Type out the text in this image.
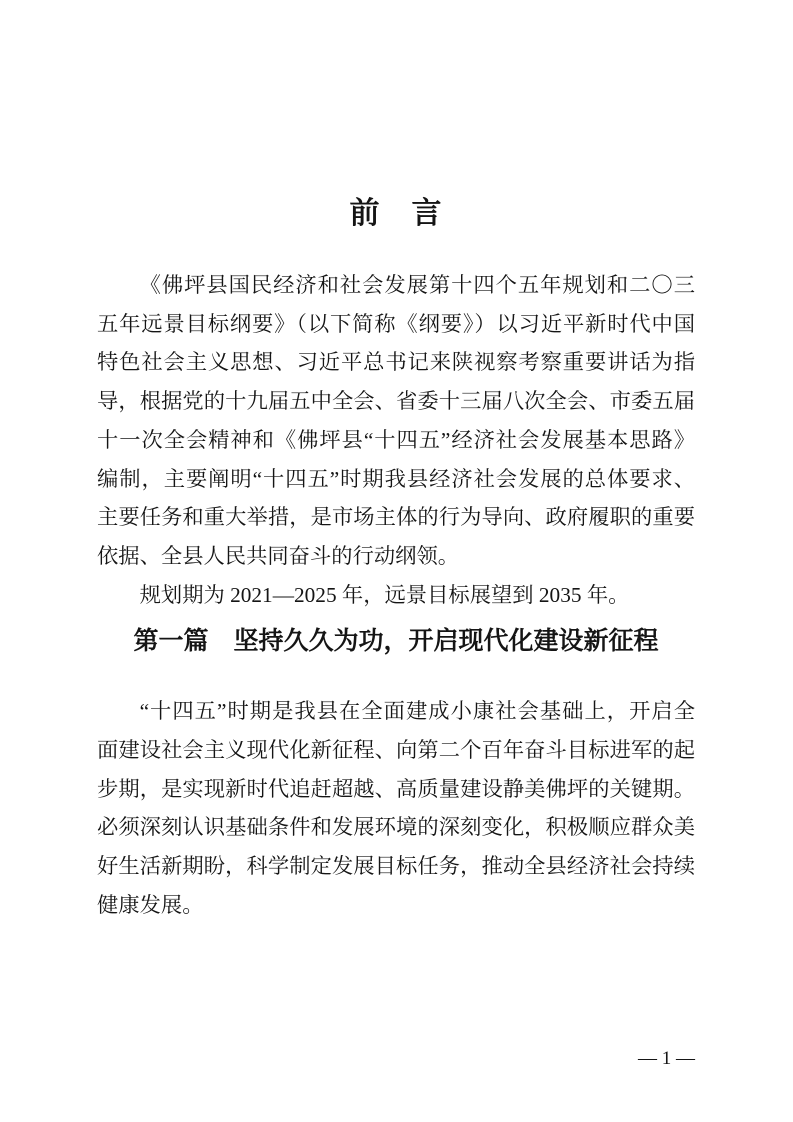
前　言
《佛坪县国民经济和社会发展第十四个五年规划和二〇三
五年远景目标纲要》（以下简称《纲要》）以习近平新时代中国
特色社会主义思想、习近平总书记来陕视察考察重要讲话为指
导，根据党的十九届五中全会、省委十三届八次全会、市委五届
十一次全会精神和《佛坪县“十四五”经济社会发展基本思路》
编制，主要阐明“十四五”时期我县经济社会发展的总体要求、
主要任务和重大举措，是市场主体的行为导向、政府履职的重要
依据、全县人民共同奋斗的行动纲领。
规划期为 2021—2025 年，远景目标展望到 2035 年。
第一篇　坚持久久为功，开启现代化建设新征程
“十四五”时期是我县在全面建成小康社会基础上，开启全
面建设社会主义现代化新征程、向第二个百年奋斗目标进军的起
步期，是实现新时代追赶超越、高质量建设静美佛坪的关键期。
必须深刻认识基础条件和发展环境的深刻变化，积极顺应群众美
好生活新期盼，科学制定发展目标任务，推动全县经济社会持续
健康发展。
— 1 —
